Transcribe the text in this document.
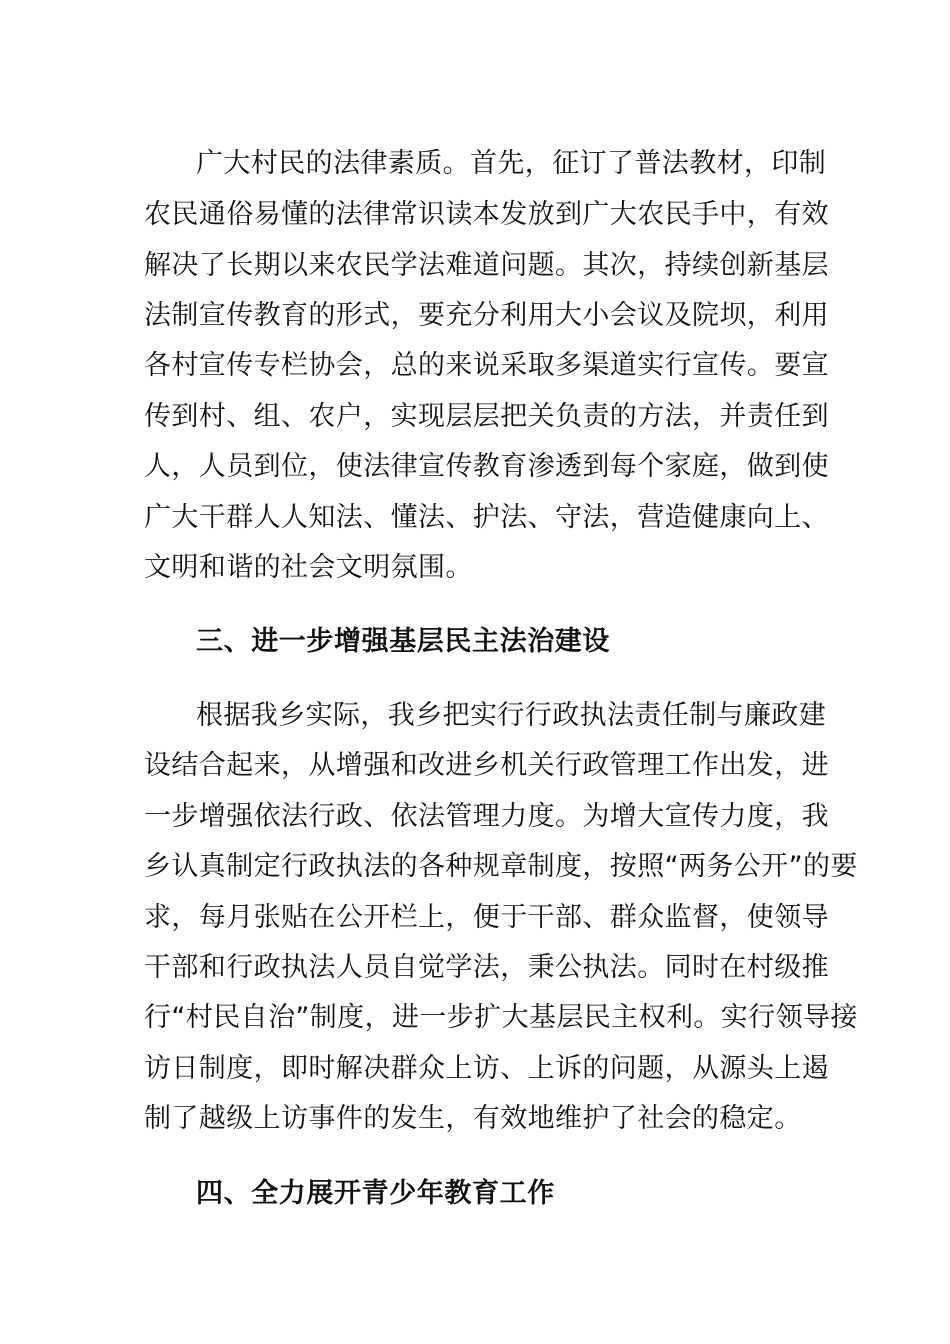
广大村民的法律素质。首先，征订了普法教材，印制
农民通俗易懂的法律常识读本发放到广大农民手中，有效
解决了长期以来农民学法难道问题。其次，持续创新基层
法制宣传教育的形式，要充分利用大小会议及院坝，利用
各村宣传专栏协会，总的来说采取多渠道实行宣传。要宣
传到村、组、农户，实现层层把关负责的方法，并责任到
人，人员到位，使法律宣传教育渗透到每个家庭，做到使
广大干群人人知法、懂法、护法、守法，营造健康向上、
文明和谐的社会文明氛围。
三、进一步增强基层民主法治建设
根据我乡实际，我乡把实行行政执法责任制与廉政建
设结合起来，从增强和改进乡机关行政管理工作出发，进
一步增强依法行政、依法管理力度。为增大宣传力度，我
乡认真制定行政执法的各种规章制度，按照“两务公开”的要
求，每月张贴在公开栏上，便于干部、群众监督，使领导
干部和行政执法人员自觉学法，秉公执法。同时在村级推
行“村民自治”制度，进一步扩大基层民主权利。实行领导接
访日制度，即时解决群众上访、上诉的问题，从源头上遏
制了越级上访事件的发生，有效地维护了社会的稳定。
四、全力展开青少年教育工作
